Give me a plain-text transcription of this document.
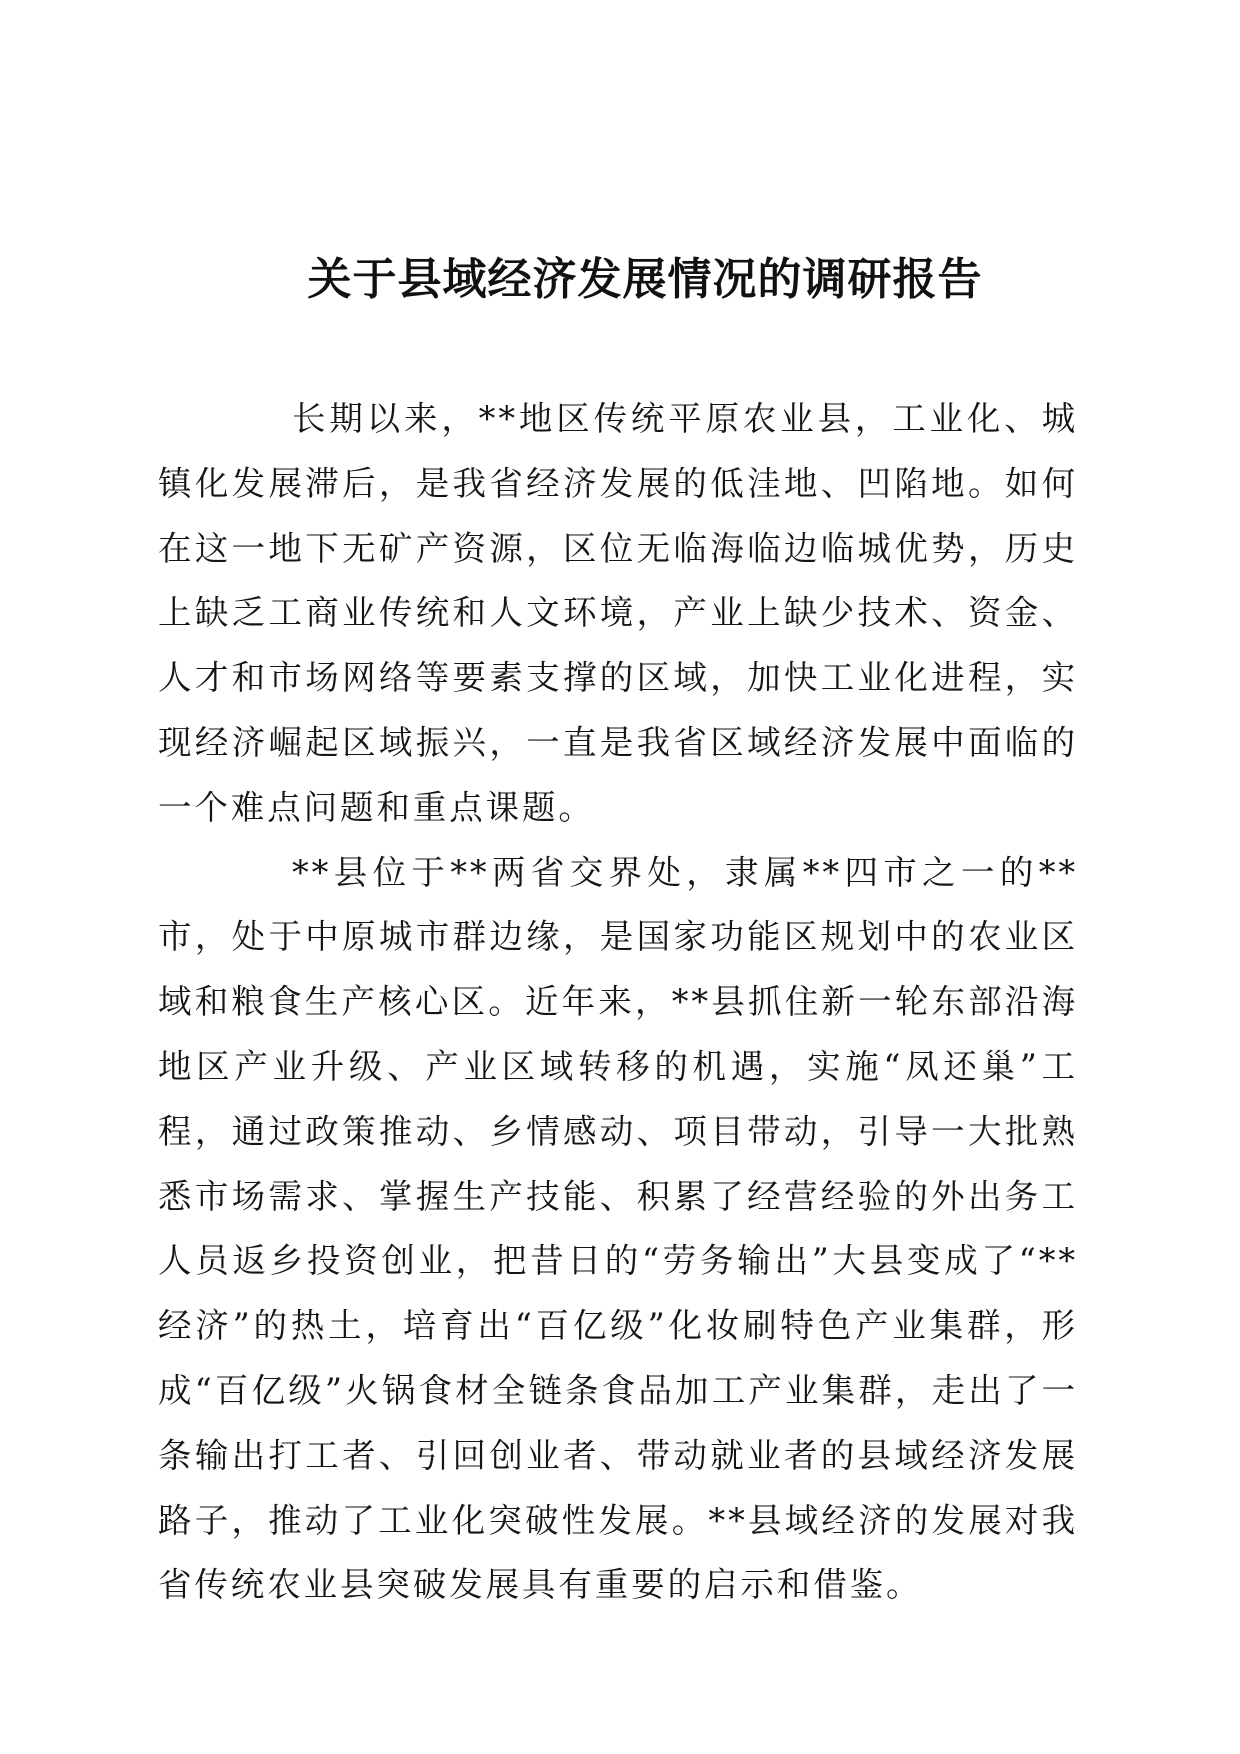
关于县域经济发展情况的调研报告

长期以来，**地区传统平原农业县，工业化、城镇化发展滞后，是我省经济发展的低洼地、凹陷地。如何在这一地下无矿产资源，区位无临海临边临城优势，历史上缺乏工商业传统和人文环境，产业上缺少技术、资金、人才和市场网络等要素支撑的区域，加快工业化进程，实现经济崛起区域振兴，一直是我省区域经济发展中面临的一个难点问题和重点课题。

**县位于**两省交界处，隶属**四市之一的**市，处于中原城市群边缘，是国家功能区规划中的农业区域和粮食生产核心区。近年来，**县抓住新一轮东部沿海地区产业升级、产业区域转移的机遇，实施“凤还巢”工程，通过政策推动、乡情感动、项目带动，引导一大批熟悉市场需求、掌握生产技能、积累了经营经验的外出务工人员返乡投资创业，把昔日的“劳务输出”大县变成了“**经济”的热土，培育出“百亿级”化妆刷特色产业集群，形成“百亿级”火锅食材全链条食品加工产业集群，走出了一条输出打工者、引回创业者、带动就业者的县域经济发展路子，推动了工业化突破性发展。**县域经济的发展对我省传统农业县突破发展具有重要的启示和借鉴。
